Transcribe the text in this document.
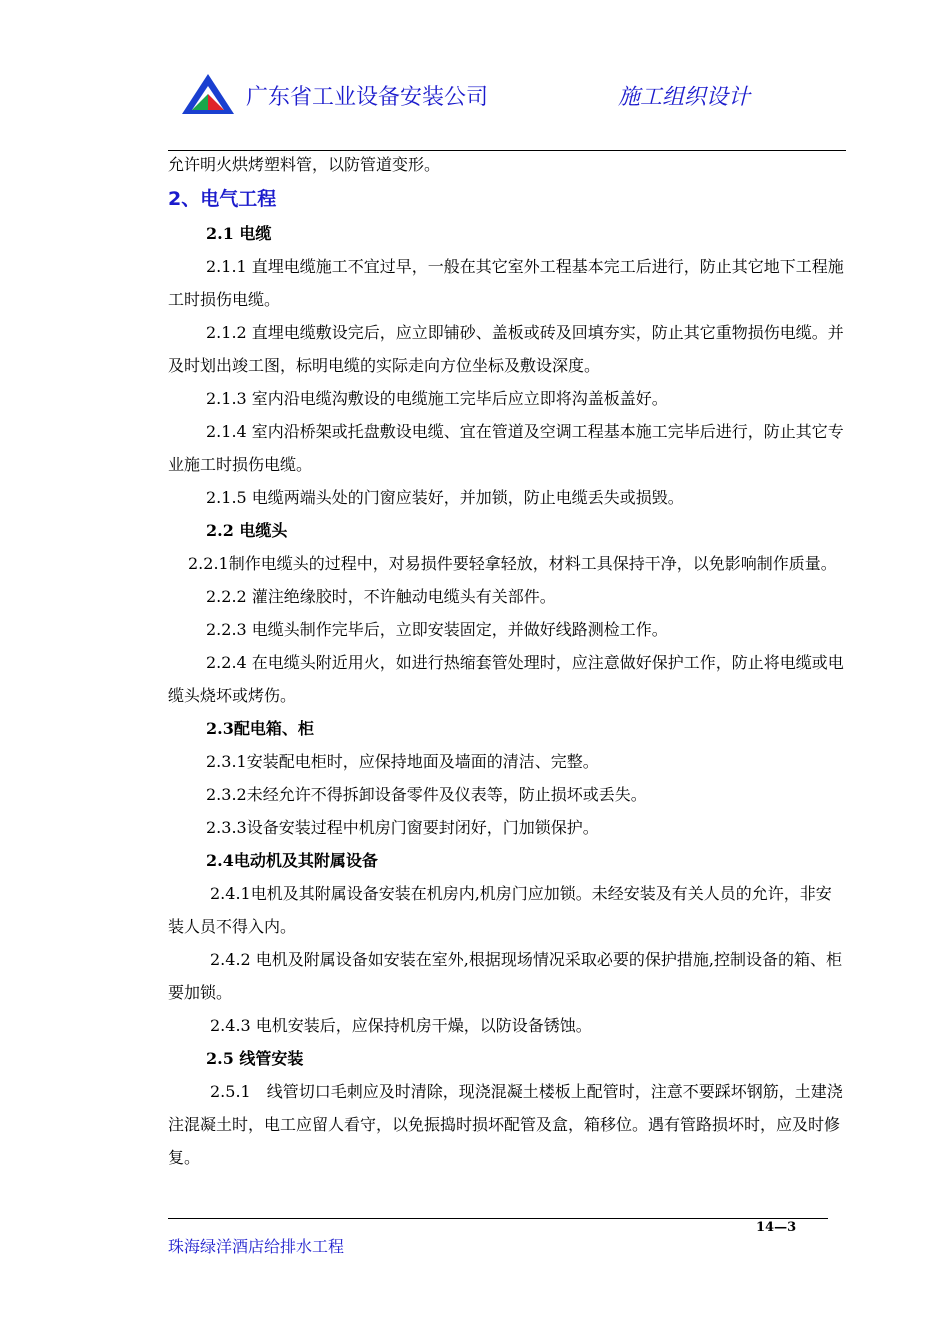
广东省工业设备安装公司	施工组织设计

允许明火烘烤塑料管，以防管道变形。

2、电气工程

2.1 电缆

2.1.1 直埋电缆施工不宜过早，一般在其它室外工程基本完工后进行，防止其它地下工程施工时损伤电缆。

2.1.2 直埋电缆敷设完后，应立即铺砂、盖板或砖及回填夯实，防止其它重物损伤电缆。并及时划出竣工图，标明电缆的实际走向方位坐标及敷设深度。

2.1.3 室内沿电缆沟敷设的电缆施工完毕后应立即将沟盖板盖好。

2.1.4 室内沿桥架或托盘敷设电缆、宜在管道及空调工程基本施工完毕后进行，防止其它专业施工时损伤电缆。

2.1.5 电缆两端头处的门窗应装好，并加锁，防止电缆丢失或损毁。

2.2 电缆头

2.2.1制作电缆头的过程中，对易损件要轻拿轻放，材料工具保持干净，以免影响制作质量。

2.2.2 灌注绝缘胶时，不许触动电缆头有关部件。

2.2.3 电缆头制作完毕后，立即安装固定，并做好线路测检工作。

2.2.4 在电缆头附近用火，如进行热缩套管处理时，应注意做好保护工作，防止将电缆或电缆头烧坏或烤伤。

2.3配电箱、柜

2.3.1安装配电柜时，应保持地面及墙面的清洁、完整。

2.3.2未经允许不得拆卸设备零件及仪表等，防止损坏或丢失。

2.3.3设备安装过程中机房门窗要封闭好，门加锁保护。

2.4电动机及其附属设备

2.4.1电机及其附属设备安装在机房内,机房门应加锁。未经安装及有关人员的允许，非安装人员不得入内。

2.4.2 电机及附属设备如安装在室外,根据现场情况采取必要的保护措施,控制设备的箱、柜要加锁。

2.4.3 电机安装后，应保持机房干燥，以防设备锈蚀。

2.5 线管安装

2.5.1　线管切口毛刺应及时清除，现浇混凝土楼板上配管时，注意不要踩坏钢筋，土建浇注混凝土时，电工应留人看守，以免振捣时损坏配管及盒，箱移位。遇有管路损坏时，应及时修复。

14—3
珠海绿洋酒店给排水工程
